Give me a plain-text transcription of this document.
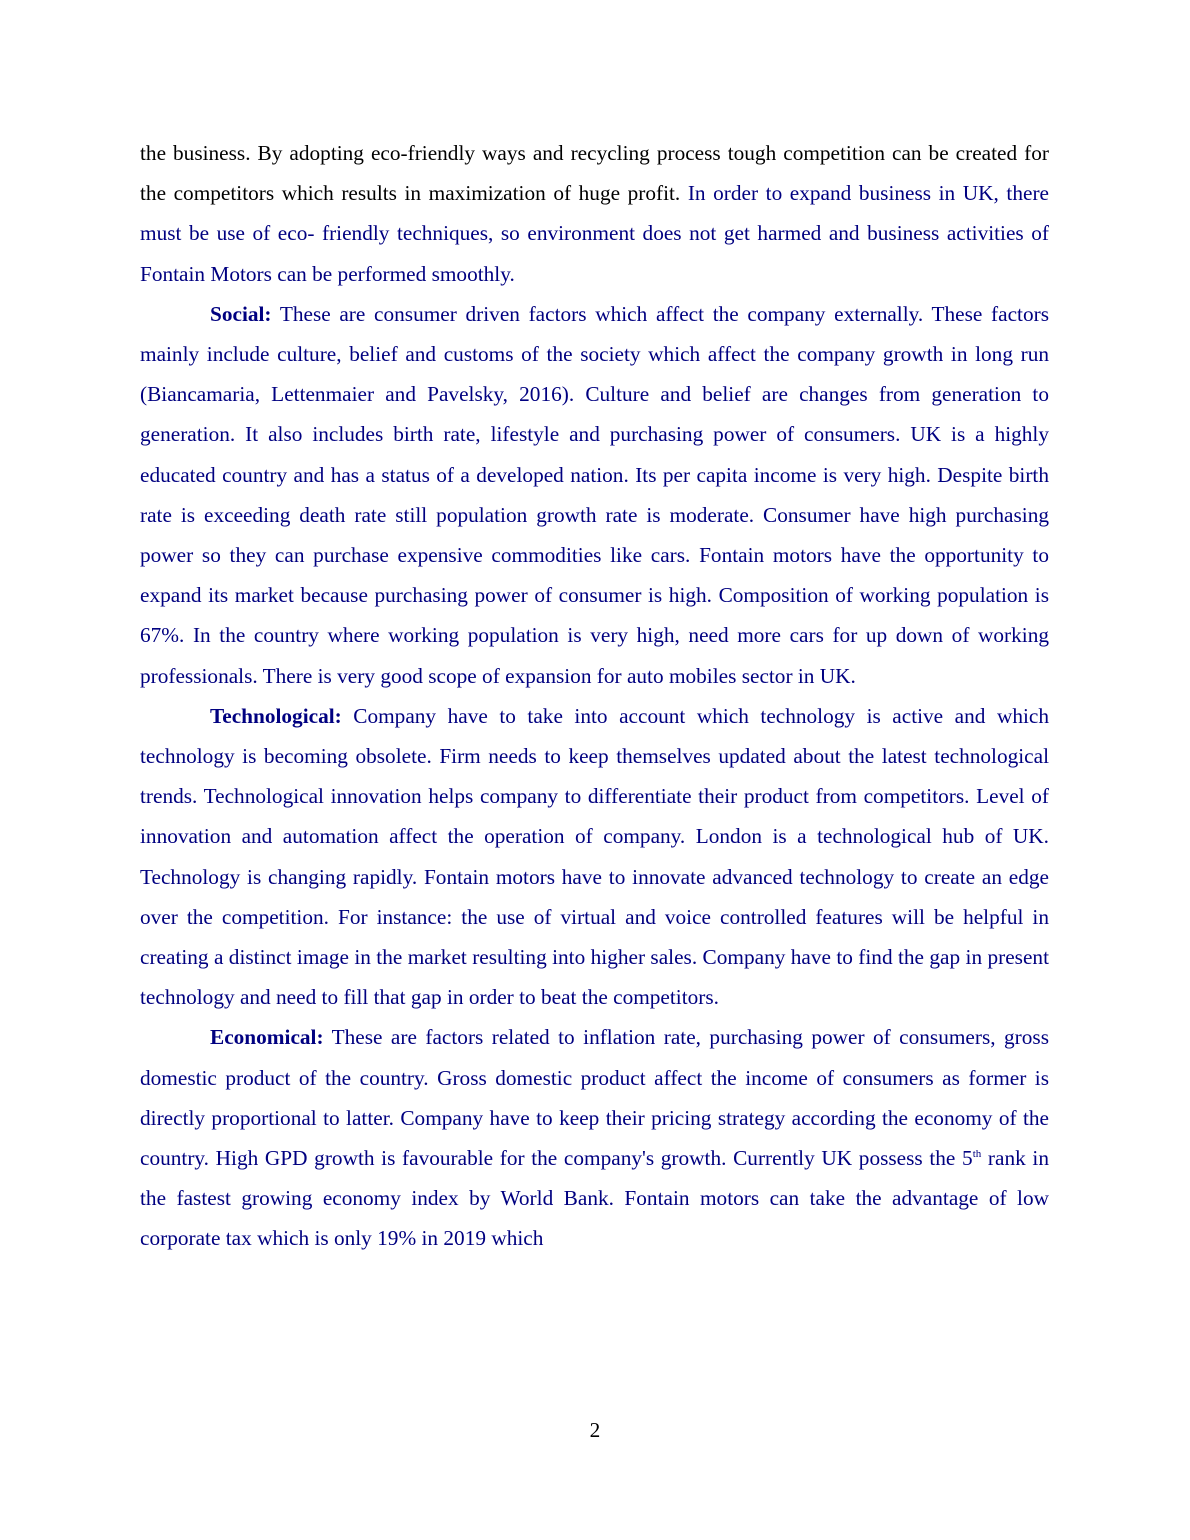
the business. By adopting eco-friendly ways and recycling process tough competition can be created for the competitors which results in maximization of huge profit. In order to expand business in UK, there must be use of eco- friendly techniques, so environment does not get harmed and business activities of Fontain Motors can be performed smoothly.

Social: These are consumer driven factors which affect the company externally. These factors mainly include culture, belief and customs of the society which affect the company growth in long run (Biancamaria, Lettenmaier and Pavelsky, 2016). Culture and belief are changes from generation to generation. It also includes birth rate, lifestyle and purchasing power of consumers. UK is a highly educated country and has a status of a developed nation. Its per capita income is very high. Despite birth rate is exceeding death rate still population growth rate is moderate. Consumer have high purchasing power so they can purchase expensive commodities like cars. Fontain motors have the opportunity to expand its market because purchasing power of consumer is high. Composition of working population is 67%. In the country where working population is very high, need more cars for up down of working professionals. There is very good scope of expansion for auto mobiles sector in UK.

Technological: Company have to take into account which technology is active and which technology is becoming obsolete. Firm needs to keep themselves updated about the latest technological trends. Technological innovation helps company to differentiate their product from competitors. Level of innovation and automation affect the operation of company. London is a technological hub of UK. Technology is changing rapidly. Fontain motors have to innovate advanced technology to create an edge over the competition. For instance: the use of virtual and voice controlled features will be helpful in creating a distinct image in the market resulting into higher sales. Company have to find the gap in present technology and need to fill that gap in order to beat the competitors.

Economical: These are factors related to inflation rate, purchasing power of consumers, gross domestic product of the country. Gross domestic product affect the income of consumers as former is directly proportional to latter. Company have to keep their pricing strategy according the economy of the country. High GPD growth is favourable for the company's growth. Currently UK possess the 5th rank in the fastest growing economy index by World Bank. Fontain motors can take the advantage of low corporate tax which is only 19% in 2019 which

2
